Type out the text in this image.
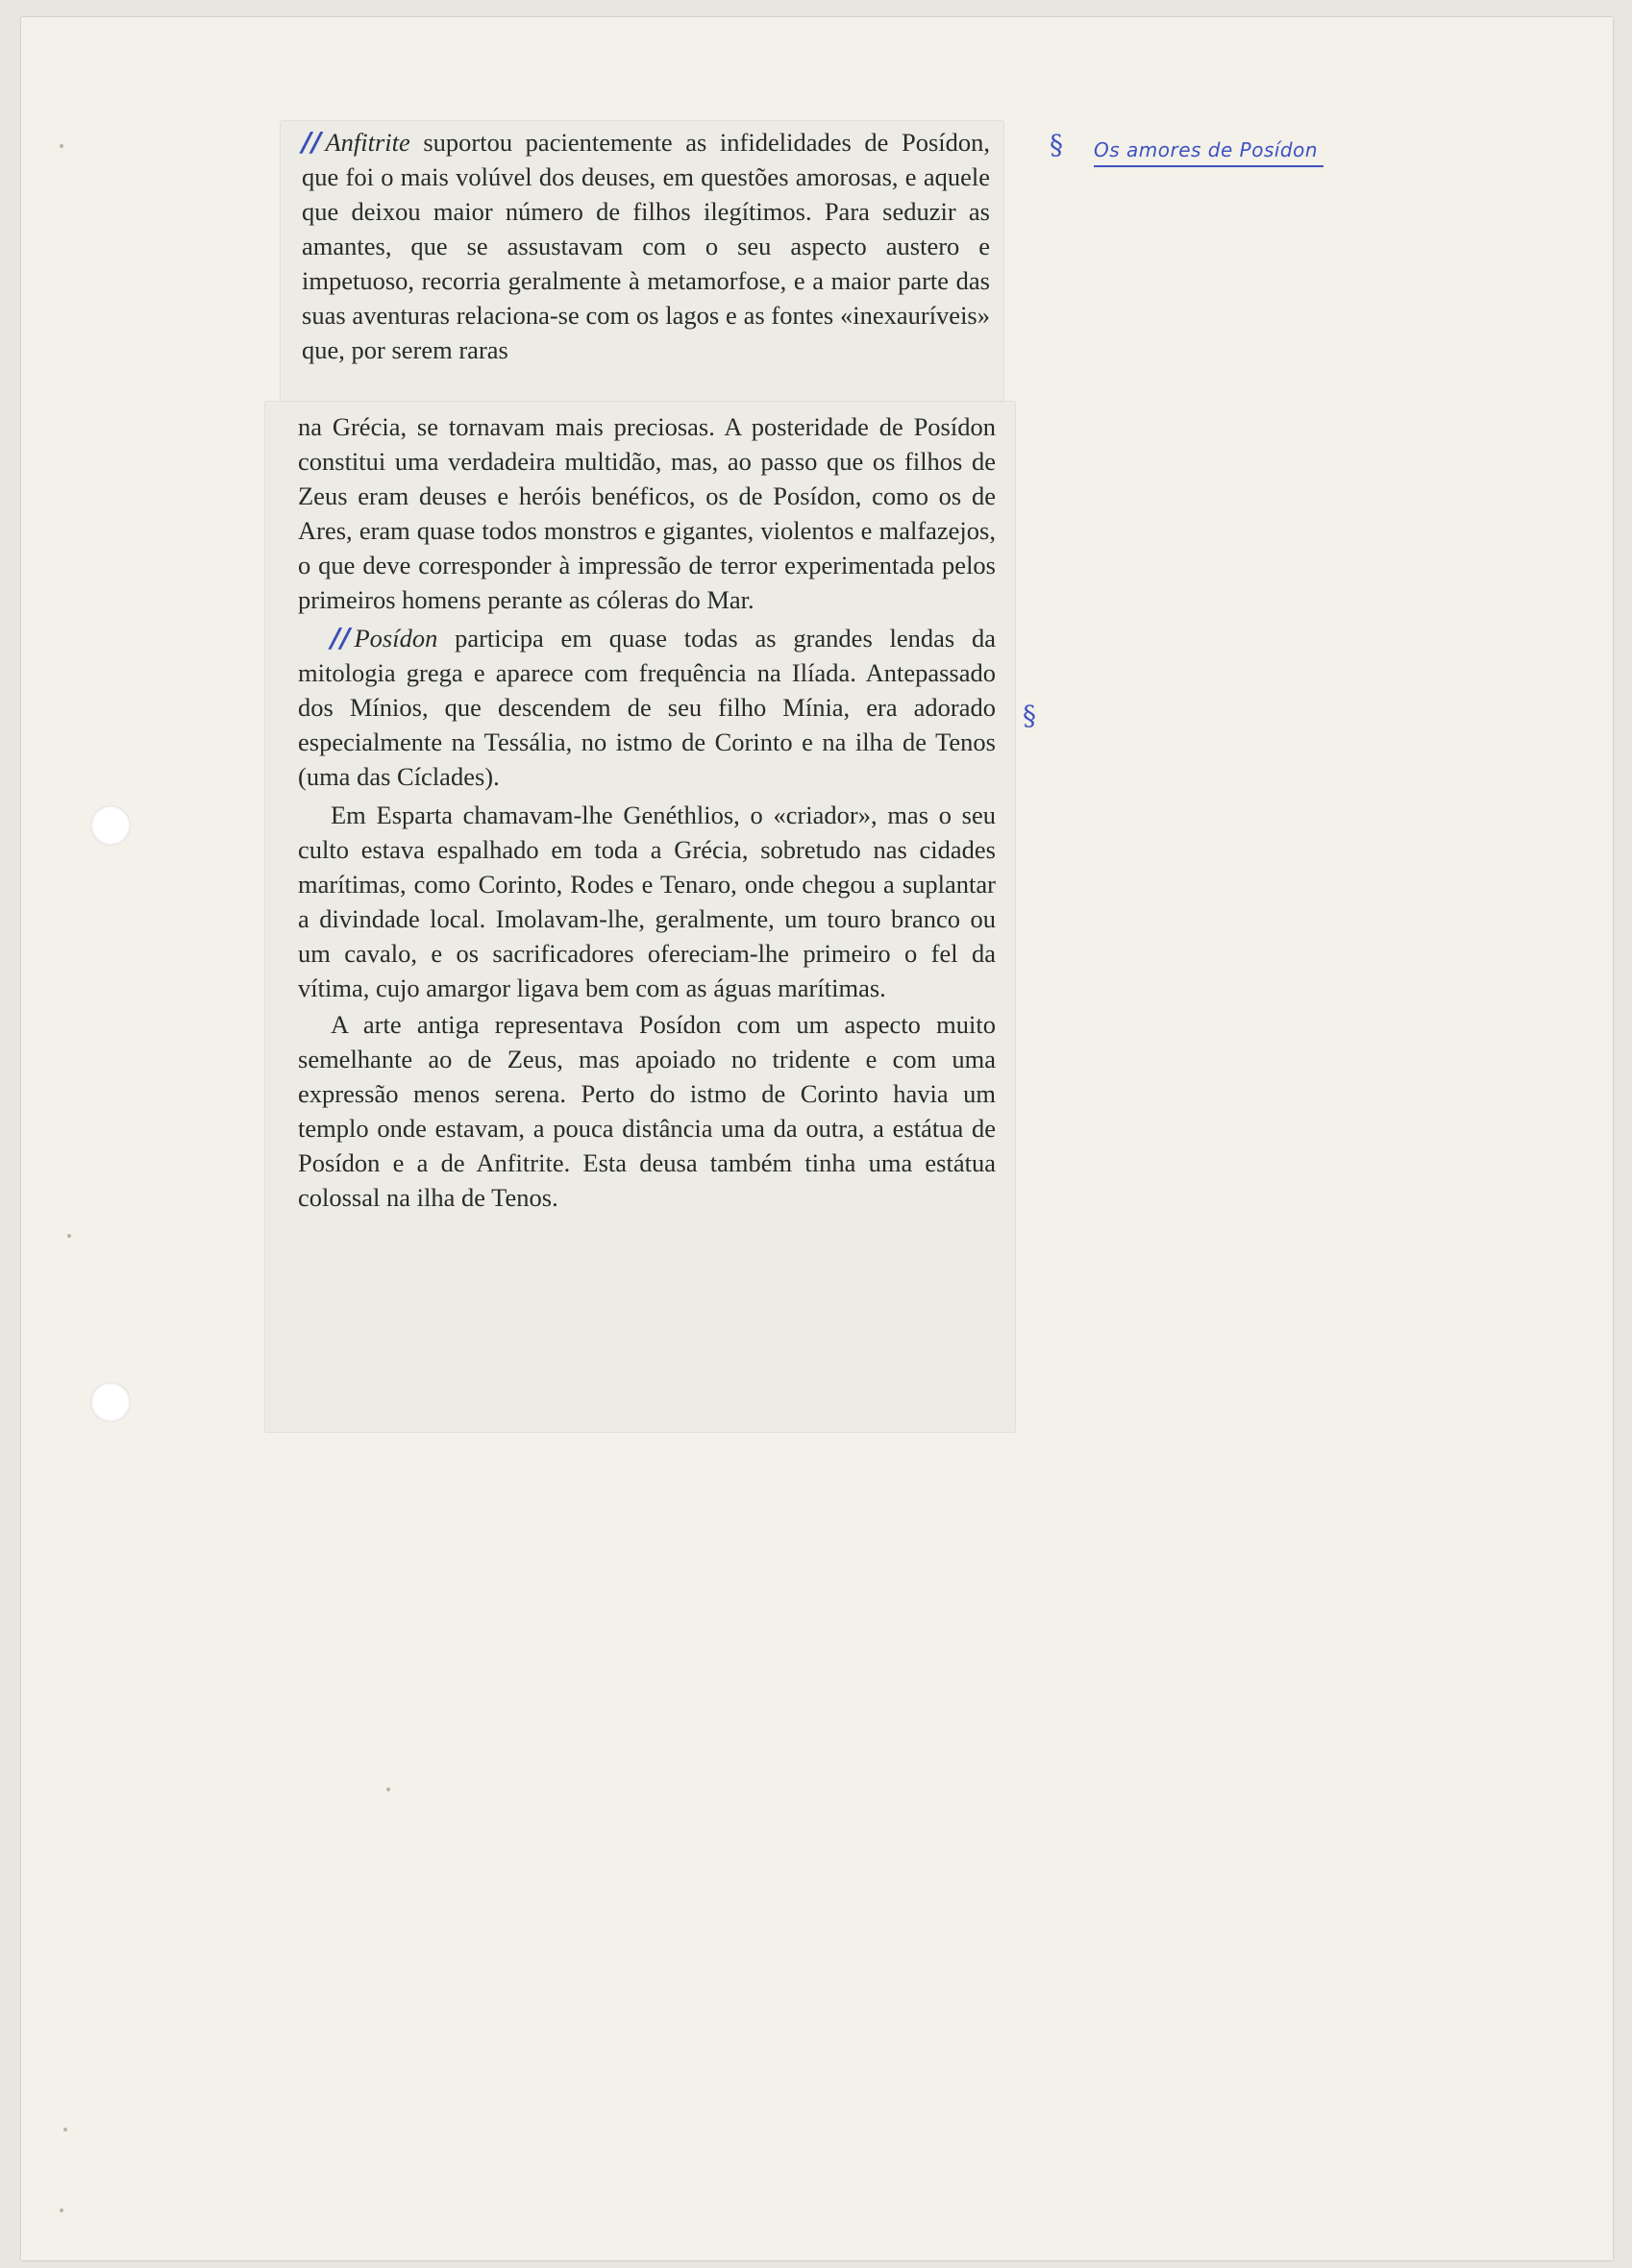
§ Os amores de Posídon
§

// Anfitrite suportou pacientemente as infidelidades de Posídon, que foi o mais volúvel dos deuses, em questões amorosas, e aquele que deixou maior número de filhos ilegítimos. Para seduzir as amantes, que se assustavam com o seu aspecto austero e impetuoso, recorria geralmente à metamorfose, e a maior parte das suas aventuras relaciona-se com os lagos e as fontes «inexauríveis» que, por serem raras

na Grécia, se tornavam mais preciosas. A posteridade de Posídon constitui uma verdadeira multidão, mas, ao passo que os filhos de Zeus eram deuses e heróis benéficos, os de Posídon, como os de Ares, eram quase todos monstros e gigantes, violentos e malfazejos, o que deve corresponder à impressão de terror experimentada pelos primeiros homens perante as cóleras do Mar.

// Posídon participa em quase todas as grandes lendas da mitologia grega e aparece com frequência na Ilíada. Antepassado dos Mínios, que descendem de seu filho Mínia, era adorado especialmente na Tessália, no istmo de Corinto e na ilha de Tenos (uma das Cíclades).

Em Esparta chamavam-lhe Genéthlios, o «criador», mas o seu culto estava espalhado em toda a Grécia, sobretudo nas cidades marítimas, como Corinto, Rodes e Tenaro, onde chegou a suplantar a divindade local. Imolavam-lhe, geralmente, um touro branco ou um cavalo, e os sacrificadores ofereciam-lhe primeiro o fel da vítima, cujo amargor ligava bem com as águas marítimas.

A arte antiga representava Posídon com um aspecto muito semelhante ao de Zeus, mas apoiado no tridente e com uma expressão menos serena. Perto do istmo de Corinto havia um templo onde estavam, a pouca distância uma da outra, a estátua de Posídon e a de Anfitrite. Esta deusa também tinha uma estátua colossal na ilha de Tenos.
